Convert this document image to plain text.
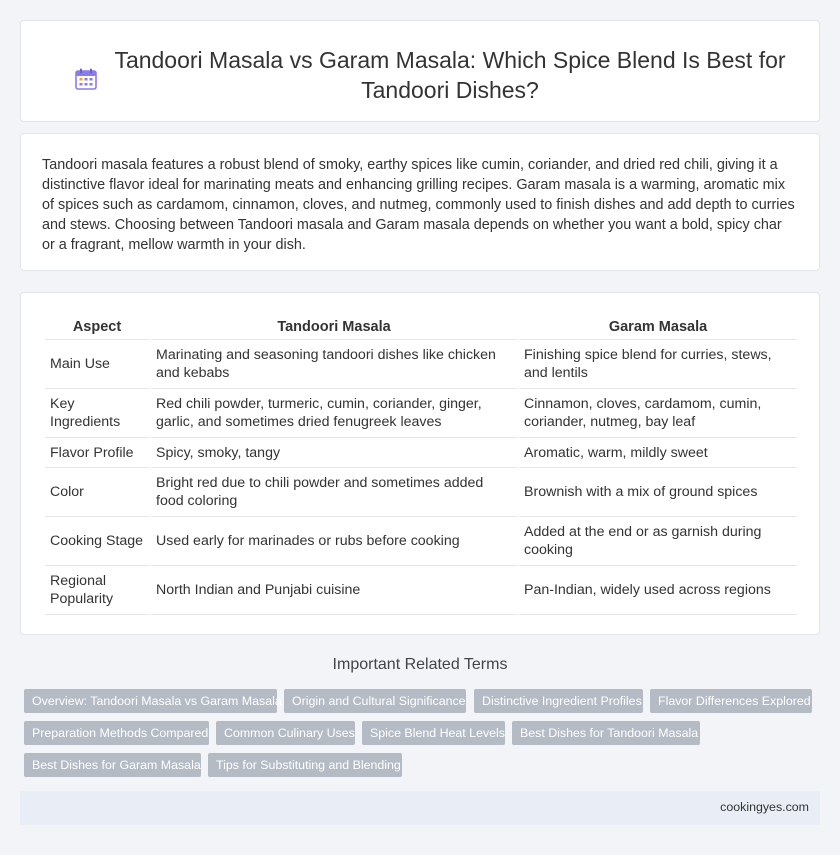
Tandoori Masala vs Garam Masala: Which Spice Blend Is Best for Tandoori Dishes?

Tandoori masala features a robust blend of smoky, earthy spices like cumin, coriander, and dried red chili, giving it a distinctive flavor ideal for marinating meats and enhancing grilling recipes. Garam masala is a warming, aromatic mix of spices such as cardamom, cinnamon, cloves, and nutmeg, commonly used to finish dishes and add depth to curries and stews. Choosing between Tandoori masala and Garam masala depends on whether you want a bold, spicy char or a fragrant, mellow warmth in your dish.

Aspect	Tandoori Masala	Garam Masala
Main Use	Marinating and seasoning tandoori dishes like chicken and kebabs	Finishing spice blend for curries, stews, and lentils
Key Ingredients	Red chili powder, turmeric, cumin, coriander, ginger, garlic, and sometimes dried fenugreek leaves	Cinnamon, cloves, cardamom, cumin, coriander, nutmeg, bay leaf
Flavor Profile	Spicy, smoky, tangy	Aromatic, warm, mildly sweet
Color	Bright red due to chili powder and sometimes added food coloring	Brownish with a mix of ground spices
Cooking Stage	Used early for marinades or rubs before cooking	Added at the end or as garnish during cooking
Regional Popularity	North Indian and Punjabi cuisine	Pan-Indian, widely used across regions
Important Related Terms
Overview: Tandoori Masala vs Garam Masala Origin and Cultural Significance	Distinctive Ingredient Profiles	Flavor Differences Explored
Preparation Methods Compared	Common Culinary Uses	Spice Blend Heat Levels	Best Dishes for Tandoori Masala
Best Dishes for Garam Masala	Tips for Substituting and Blending
cookingyes.com
